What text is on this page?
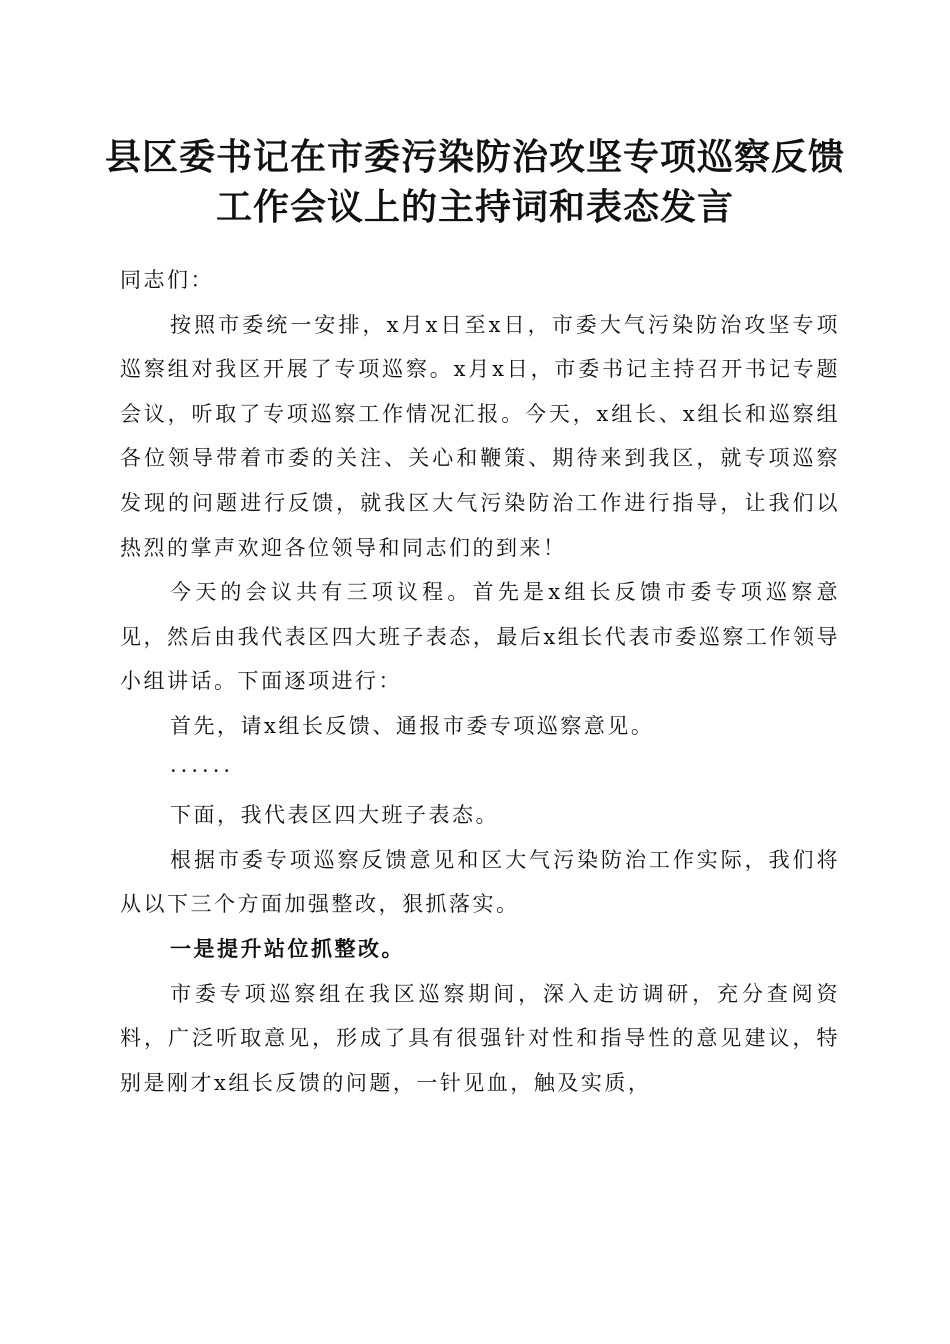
县区委书记在市委污染防治攻坚专项巡察反馈
工作会议上的主持词和表态发言

同志们：

按照市委统一安排，x月x日至x日，市委大气污染防治攻坚专项巡察组对我区开展了专项巡察。x月x日，市委书记主持召开书记专题会议，听取了专项巡察工作情况汇报。今天，x组长、x组长和巡察组各位领导带着市委的关注、关心和鞭策、期待来到我区，就专项巡察发现的问题进行反馈，就我区大气污染防治工作进行指导，让我们以热烈的掌声欢迎各位领导和同志们的到来！

今天的会议共有三项议程。首先是x组长反馈市委专项巡察意见，然后由我代表区四大班子表态，最后x组长代表市委巡察工作领导小组讲话。下面逐项进行：

首先，请x组长反馈、通报市委专项巡察意见。

······

下面，我代表区四大班子表态。

根据市委专项巡察反馈意见和区大气污染防治工作实际，我们将从以下三个方面加强整改，狠抓落实。

一是提升站位抓整改。

市委专项巡察组在我区巡察期间，深入走访调研，充分查阅资料，广泛听取意见，形成了具有很强针对性和指导性的意见建议，特别是刚才x组长反馈的问题，一针见血，触及实质，
